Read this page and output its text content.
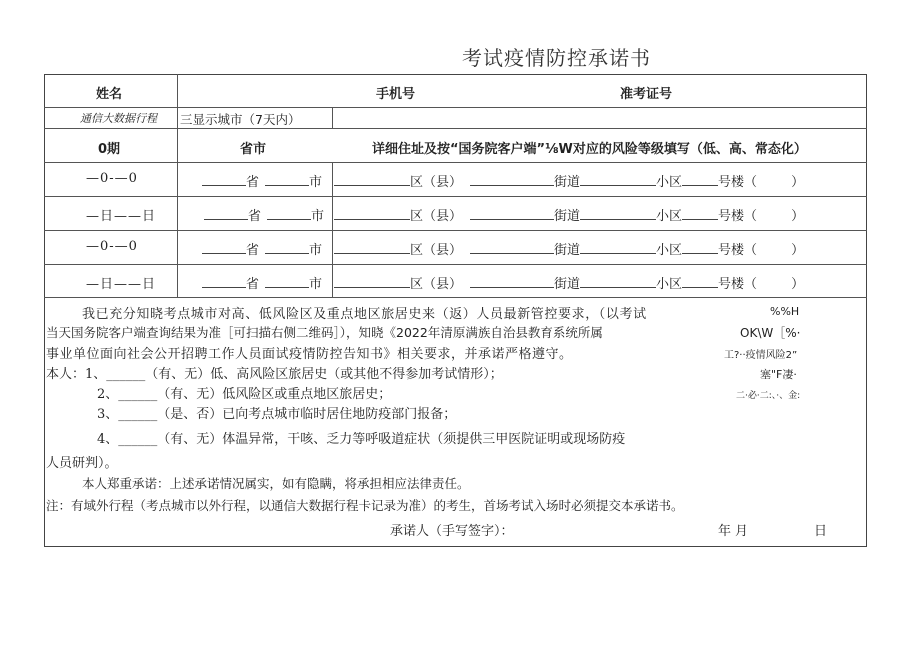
考试疫情防控承诺书
姓名	手机号	准考证号
通信大数据行程 三显示城市（7天内）
0期	省市	详细住址及按“国务院客户端”⅛W对应的风险等级填写（低、高、常态化）
—0-—0	省	市	区（县）	街道	小区	号楼（	）
—日——日	省	市	区（县）	街道	小区	号楼（	）
—0-—0	省	市	区（县）	街道	小区	号楼（	）
—日——日	省	市	区（县）	街道	小区	号楼（	）
我已充分知晓考点城市对高、低风险区及重点地区旅居史来（返）人员最新管控要求，（以考试
当天国务院客户端查询结果为准［可扫描右侧二维码］），知晓《2022年清原满族自治县教育系统所属
事业单位面向社会公开招聘工作人员面试疫情防控告知书》相关要求，并承诺严格遵守。
本人：1、______（有、无）低、高风险区旅居史（或其他不得参加考试情形）；
2、______（有、无）低风险区或重点地区旅居史；
3、______（是、否）已向考点城市临时居住地防疫部门报备；
4、______（有、无）体温异常，干咳、乏力等呼吸道症状（须提供三甲医院证明或现场防疫
人员研判）。
本人郑重承诺：上述承诺情况属实，如有隐瞒，将承担相应法律责任。
注：有域外行程（考点城市以外行程，以通信大数据行程卡记录为准）的考生，首场考试入场时必须提交本承诺书。
承诺人（手写签字）：	年月	日
%%H
OK\W［%·
工?··疫情风险2”
塞"F凄·
二·必·二:、·、金:
